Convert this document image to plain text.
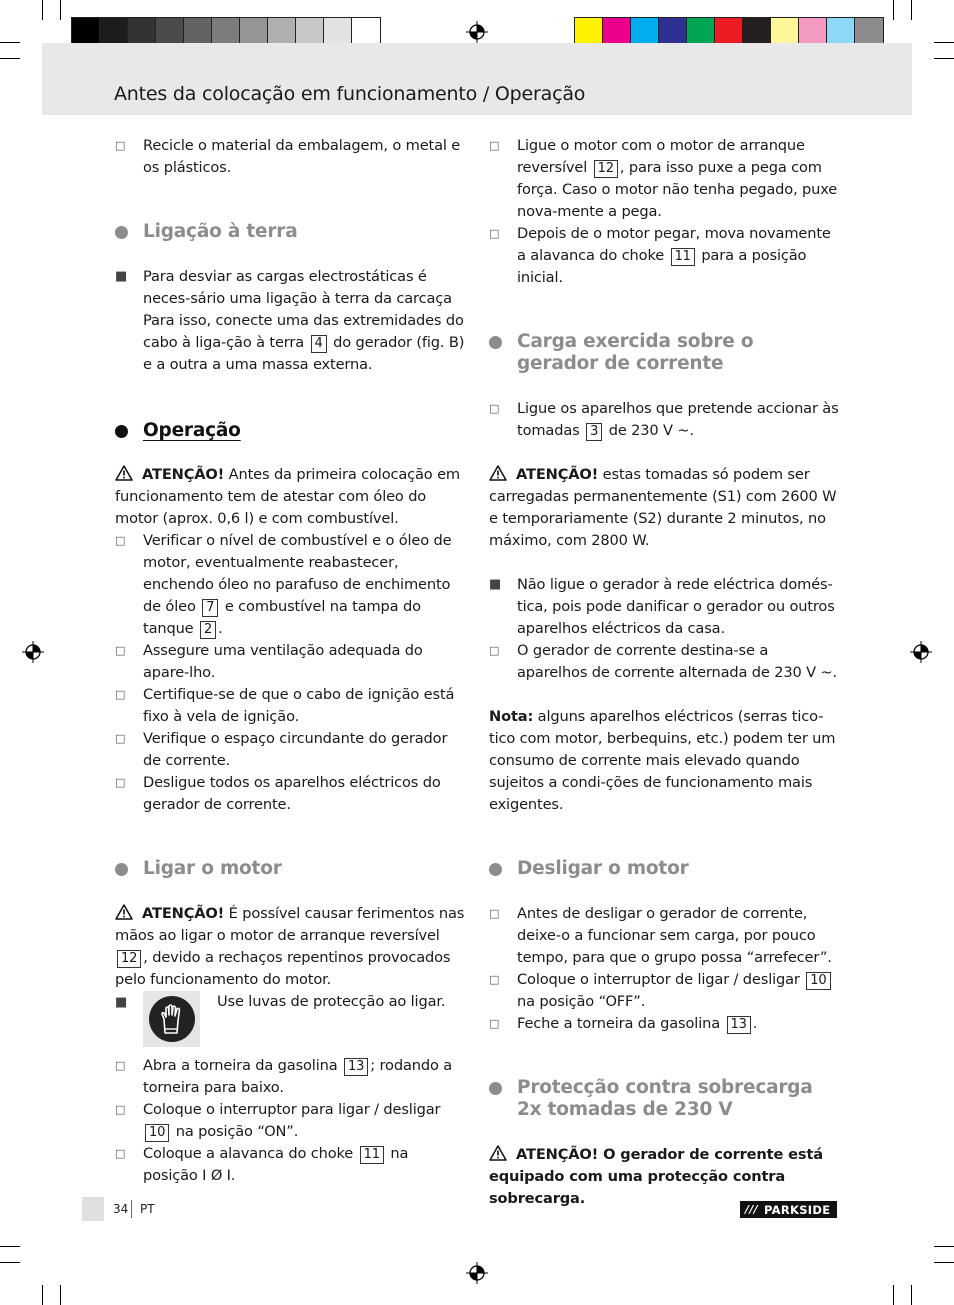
Antes da colocação em funcionamento / Operação
□	Recicle o material da embalagem, o metal e os plásticos.
Ligação à terra
■	Para desviar as cargas electrostáticas é neces-sário uma ligação à terra da carcaça Para isso, conecte uma das extremidades do cabo à liga-ção à terra 4 do gerador (fig. B) e a outra a uma massa externa.
Operação
ATENÇÃO! Antes da primeira colocação em funcionamento tem de atestar com óleo do motor (aprox. 0,6 l) e com combustível.
□	Verificar o nível de combustível e o óleo de motor, eventualmente reabastecer, enchendo óleo no parafuso de enchimento de óleo 7 e combustível na tampa do tanque 2 .
□	Assegure uma ventilação adequada do apare-lho.
□	Certifique-se de que o cabo de ignição está fixo à vela de ignição.
□	Verifique o espaço circundante do gerador de corrente.
□	Desligue todos os aparelhos eléctricos do gerador de corrente.
Ligar o motor
ATENÇÃO! É possível causar ferimentos nas mãos ao ligar o motor de arranque reversível12 , devido a rechaços repentinos provocados pelo funcionamento do motor.
■	Use luvas de protecção ao ligar.
□	Abra a torneira da gasolina 13 ; rodando a torneira para baixo.
□	Coloque o interruptor para ligar / desligar 10 na posição “ON”.
□	Coloque a alavanca do choke 11 na posição I Ø I.
□	Ligue o motor com o motor de arranque reversível 12 , para isso puxe a pega com força. Caso o motor não tenha pegado, puxe nova-mente a pega.
□	Depois de o motor pegar, mova novamente a alavanca do choke 11 para a posição inicial.
Carga exercida sobre o
gerador de corrente
□	Ligue os aparelhos que pretende accionar às tomadas 3 de 230 V ~.
ATENÇÃO! estas tomadas só podem ser carregadas permanentemente (S1) com 2600 W e temporariamente (S2) durante 2 minutos, no máximo, com 2800 W.
■	Não ligue o gerador à rede eléctrica domés-tica, pois pode danificar o gerador ou outros aparelhos eléctricos da casa.
□	O gerador de corrente destina-se a aparelhos de corrente alternada de 230 V ~.
Nota: alguns aparelhos eléctricos (serras tico-tico com motor, berbequins, etc.) podem ter um consumo de corrente mais elevado quando sujeitos a condi-ções de funcionamento mais exigentes.
Desligar o motor
□	Antes de desligar o gerador de corrente, deixe-o a funcionar sem carga, por pouco tempo, para que o grupo possa “arrefecer”.
□	Coloque o interruptor de ligar / desligar 10 na posição “OFF”.
□	Feche a torneira da gasolina 13 .
Protecção contra sobrecarga
2x tomadas de 230 V
ATENÇÃO! O gerador de corrente está equipado com uma protecção contra sobrecarga.
34 PT	/// PARKSIDE
